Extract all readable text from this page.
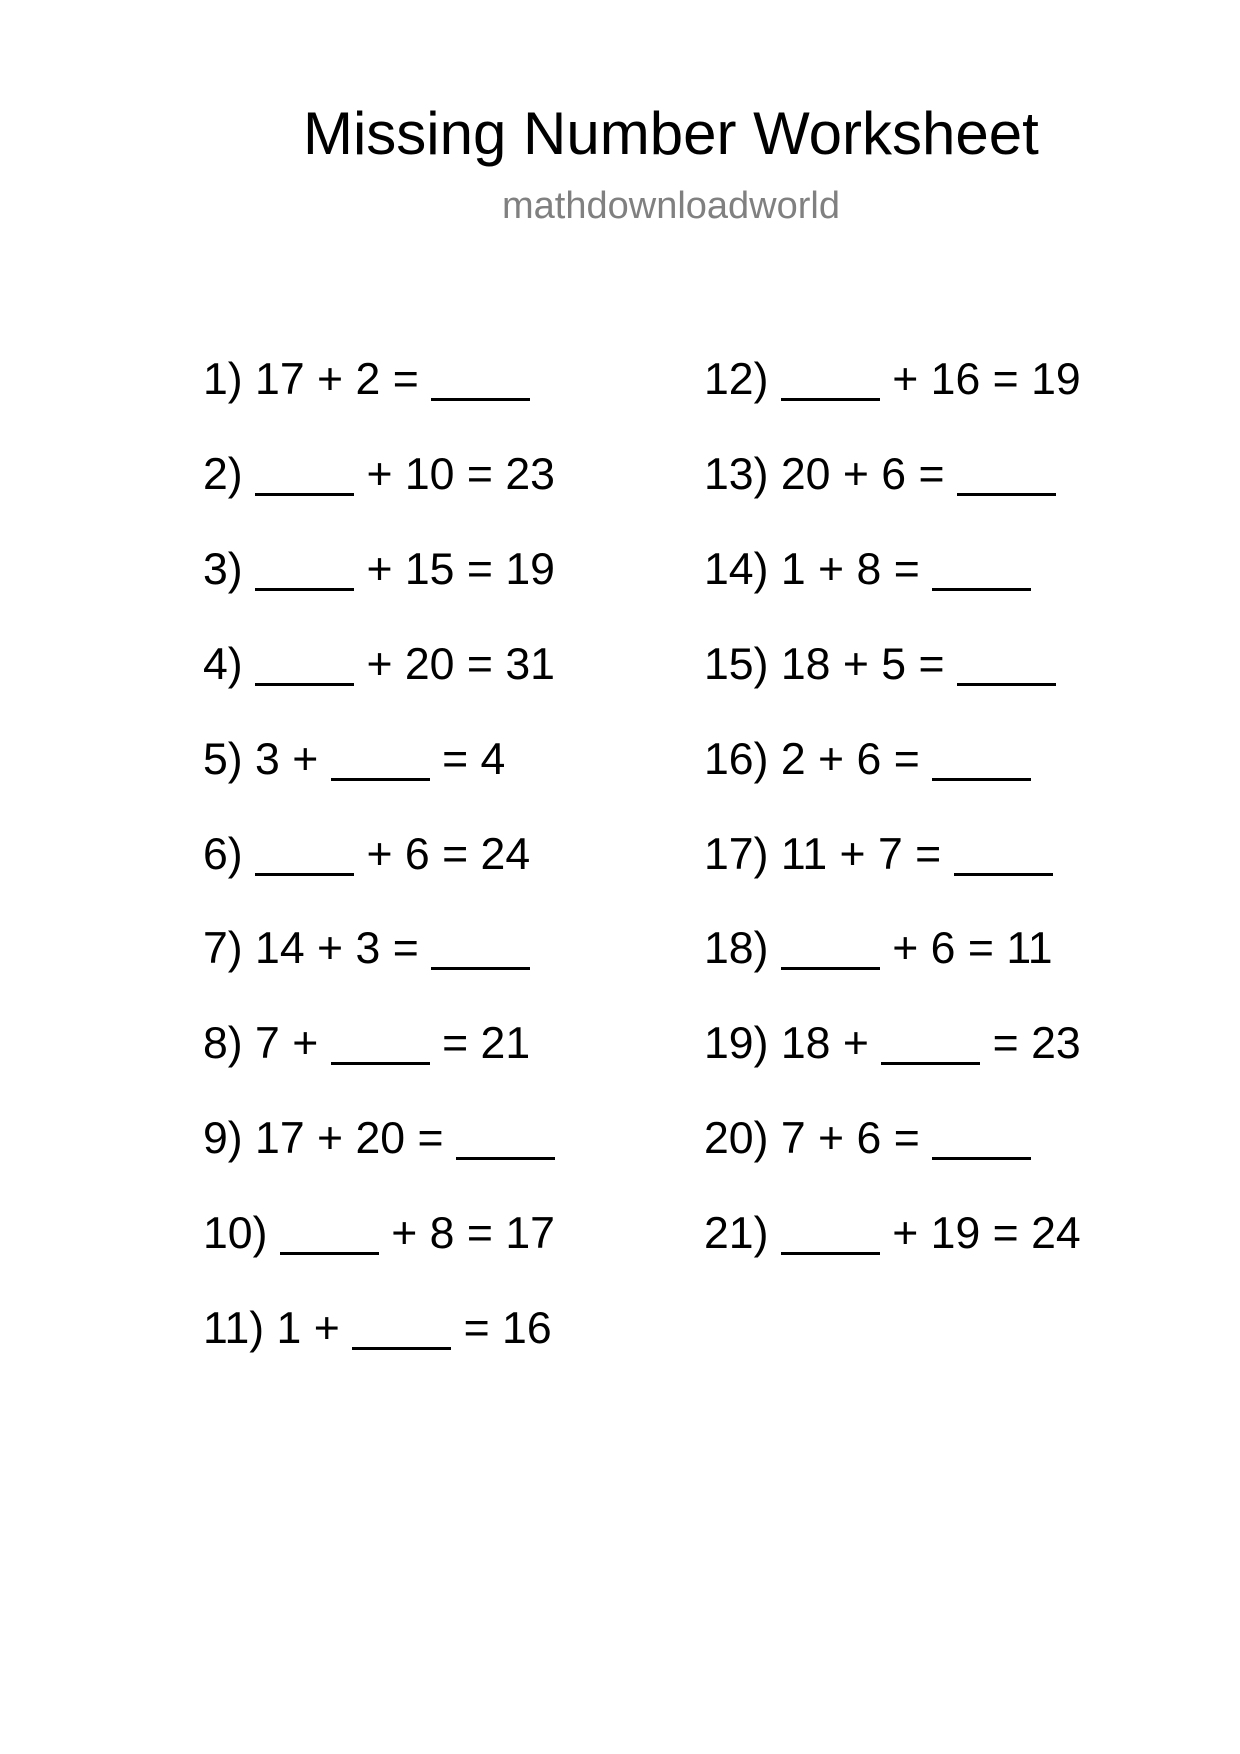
Missing Number Worksheet
mathdownloadworld
1) 17 + 2 =
2)	+ 10 = 23
3)	+ 15 = 19
4)	+ 20 = 31
5) 3 +	= 4
6)	+ 6 = 24
7) 14 + 3 =
8) 7 +	= 21
9) 17 + 20 =
10)	+ 8 = 17
11) 1 +	= 16
12)	+ 16 = 19
13) 20 + 6 =
14) 1 + 8 =
15) 18 + 5 =
16) 2 + 6 =
17) 11 + 7 =
18)	+ 6 = 11
19) 18 +	= 23
20) 7 + 6 =
21)	+ 19 = 24
